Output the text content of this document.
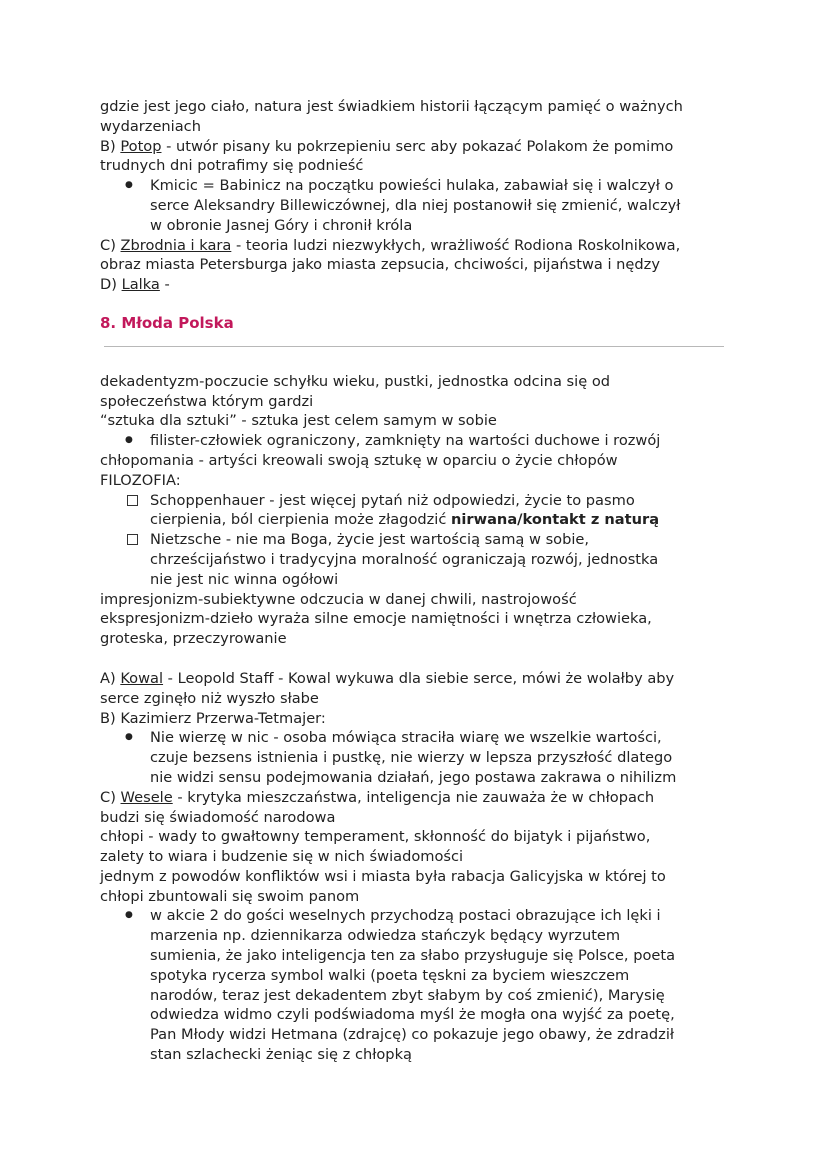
gdzie jest jego ciało, natura jest świadkiem historii łączącym pamięć o ważnych

wydarzeniach

B) Potop - utwór pisany ku pokrzepieniu serc aby pokazać Polakom że pomimo

trudnych dni potrafimy się podnieść

● Kmicic = Babinicz na początku powieści hulaka, zabawiał się i walczył o
serce Aleksandry Billewiczównej, dla niej postanowił się zmienić, walczył
w obronie Jasnej Góry i chronił króla

C) Zbrodnia i kara - teoria ludzi niezwykłych, wrażliwość Rodiona Roskolnikowa,

obraz miasta Petersburga jako miasta zepsucia, chciwości, pijaństwa i nędzy

D) Lalka -

8. Młoda Polska

dekadentyzm-poczucie schyłku wieku, pustki, jednostka odcina się od

społeczeństwa którym gardzi

“sztuka dla sztuki” - sztuka jest celem samym w sobie

● filister-człowiek ograniczony, zamknięty na wartości duchowe i rozwój

chłopomania - artyści kreowali swoją sztukę w oparciu o życie chłopów

FILOZOFIA:

Schoppenhauer - jest więcej pytań niż odpowiedzi, życie to pasmo
cierpienia, ból cierpienia może złagodzić nirwana/kontakt z naturą
Nietzsche - nie ma Boga, życie jest wartością samą w sobie,
chrześcijaństwo i tradycyjna moralność ograniczają rozwój, jednostka
nie jest nic winna ogółowi

impresjonizm-subiektywne odczucia w danej chwili, nastrojowość

ekspresjonizm-dzieło wyraża silne emocje namiętności i wnętrza człowieka,

groteska, przeczyrowanie

A) Kowal - Leopold Staff - Kowal wykuwa dla siebie serce, mówi że wolałby aby

serce zginęło niż wyszło słabe

B) Kazimierz Przerwa-Tetmajer:

● Nie wierzę w nic - osoba mówiąca straciła wiarę we wszelkie wartości,
czuje bezsens istnienia i pustkę, nie wierzy w lepsza przyszłość dlatego
nie widzi sensu podejmowania działań, jego postawa zakrawa o nihilizm

C) Wesele - krytyka mieszczaństwa, inteligencja nie zauważa że w chłopach

budzi się świadomość narodowa

chłopi - wady to gwałtowny temperament, skłonność do bijatyk i pijaństwo,

zalety to wiara i budzenie się w nich świadomości

jednym z powodów konfliktów wsi i miasta była rabacja Galicyjska w której to

chłopi zbuntowali się swoim panom

● w akcie 2 do gości weselnych przychodzą postaci obrazujące ich lęki i
marzenia np. dziennikarza odwiedza stańczyk będący wyrzutem
sumienia, że jako inteligencja ten za słabo przysługuje się Polsce, poeta
spotyka rycerza symbol walki (poeta tęskni za byciem wieszczem
narodów, teraz jest dekadentem zbyt słabym by coś zmienić), Marysię
odwiedza widmo czyli podświadoma myśl że mogła ona wyjść za poetę,
Pan Młody widzi Hetmana (zdrajcę) co pokazuje jego obawy, że zdradził
stan szlachecki żeniąc się z chłopką
